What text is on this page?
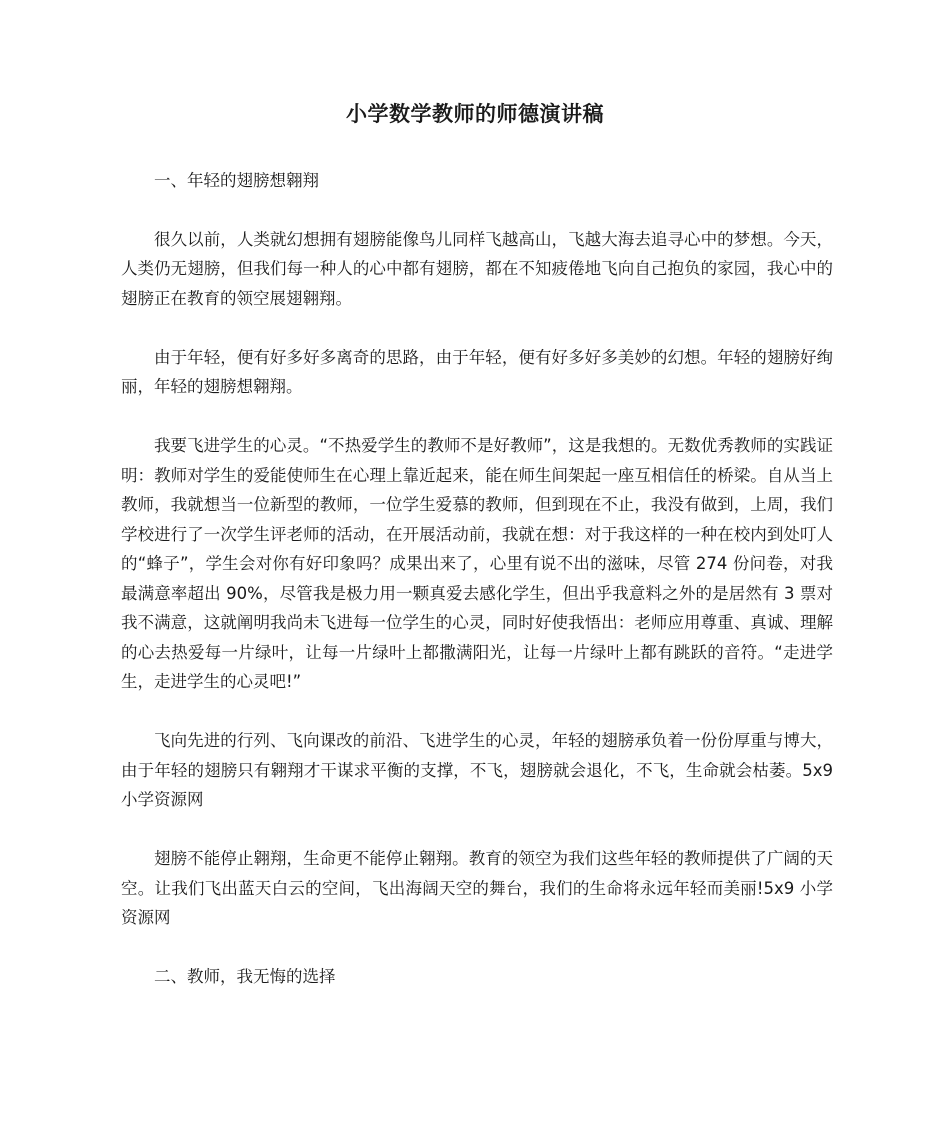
小学数学教师的师德演讲稿

一、年轻的翅膀想翱翔

很久以前，人类就幻想拥有翅膀能像鸟儿同样飞越高山，飞越大海去追寻心中的梦想。今天，人类仍无翅膀，但我们每一种人的心中都有翅膀，都在不知疲倦地飞向自己抱负的家园，我心中的翅膀正在教育的领空展翅翱翔。

由于年轻，便有好多好多离奇的思路，由于年轻，便有好多好多美妙的幻想。年轻的翅膀好绚丽，年轻的翅膀想翱翔。

我要飞进学生的心灵。“不热爱学生的教师不是好教师”，这是我想的。无数优秀教师的实践证明：教师对学生的爱能使师生在心理上靠近起来，能在师生间架起一座互相信任的桥梁。自从当上教师，我就想当一位新型的教师，一位学生爱慕的教师，但到现在不止，我没有做到，上周，我们学校进行了一次学生评老师的活动，在开展活动前，我就在想：对于我这样的一种在校内到处叮人的“蜂子”，学生会对你有好印象吗？成果出来了，心里有说不出的滋味，尽管 274 份问卷，对我最满意率超出 90%，尽管我是极力用一颗真爱去感化学生，但出乎我意料之外的是居然有 3 票对我不满意，这就阐明我尚未飞进每一位学生的心灵，同时好使我悟出：老师应用尊重、真诚、理解的心去热爱每一片绿叶，让每一片绿叶上都撒满阳光，让每一片绿叶上都有跳跃的音符。“走进学生，走进学生的心灵吧!”

飞向先进的行列、飞向课改的前沿、飞进学生的心灵，年轻的翅膀承负着一份份厚重与博大，由于年轻的翅膀只有翱翔才干谋求平衡的支撑，不飞，翅膀就会退化，不飞，生命就会枯萎。5x9 小学资源网

翅膀不能停止翱翔，生命更不能停止翱翔。教育的领空为我们这些年轻的教师提供了广阔的天空。让我们飞出蓝天白云的空间，飞出海阔天空的舞台，我们的生命将永远年轻而美丽!5x9 小学资源网

二、教师，我无悔的选择
